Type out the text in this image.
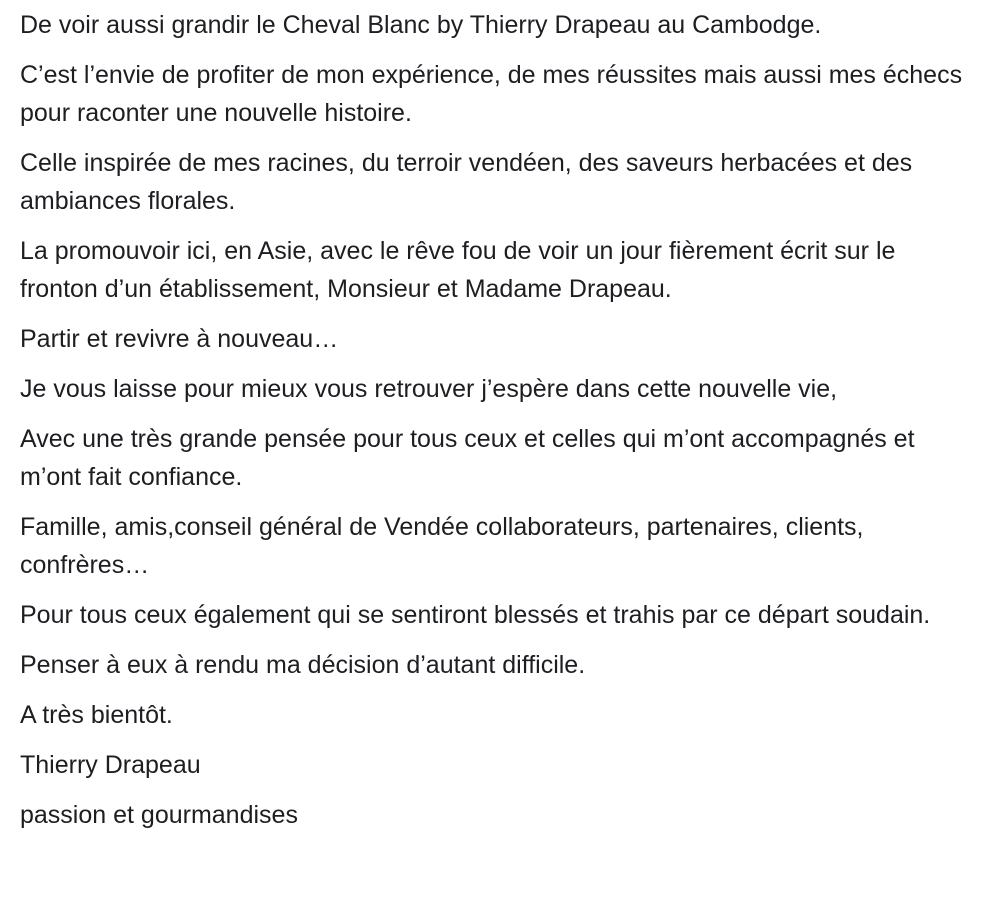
De voir aussi grandir le Cheval Blanc by Thierry Drapeau au Cambodge.

C’est l’envie de profiter de mon expérience, de mes réussites mais aussi mes échecs pour raconter une nouvelle histoire.

Celle inspirée de mes racines, du terroir vendéen, des saveurs herbacées et des ambiances florales.

La promouvoir ici, en Asie, avec le rêve fou de voir un jour fièrement écrit sur le fronton d’un établissement, Monsieur et Madame Drapeau.

Partir et revivre à nouveau…

Je vous laisse pour mieux vous retrouver j’espère dans cette nouvelle vie,

Avec une très grande pensée pour tous ceux et celles qui m’ont accompagnés et m’ont fait confiance.

Famille, amis,conseil général de Vendée collaborateurs, partenaires, clients, confrères…

Pour tous ceux également qui se sentiront blessés et trahis par ce départ soudain.

Penser à eux à rendu ma décision d’autant difficile.

A très bientôt.

Thierry Drapeau

passion et gourmandises
